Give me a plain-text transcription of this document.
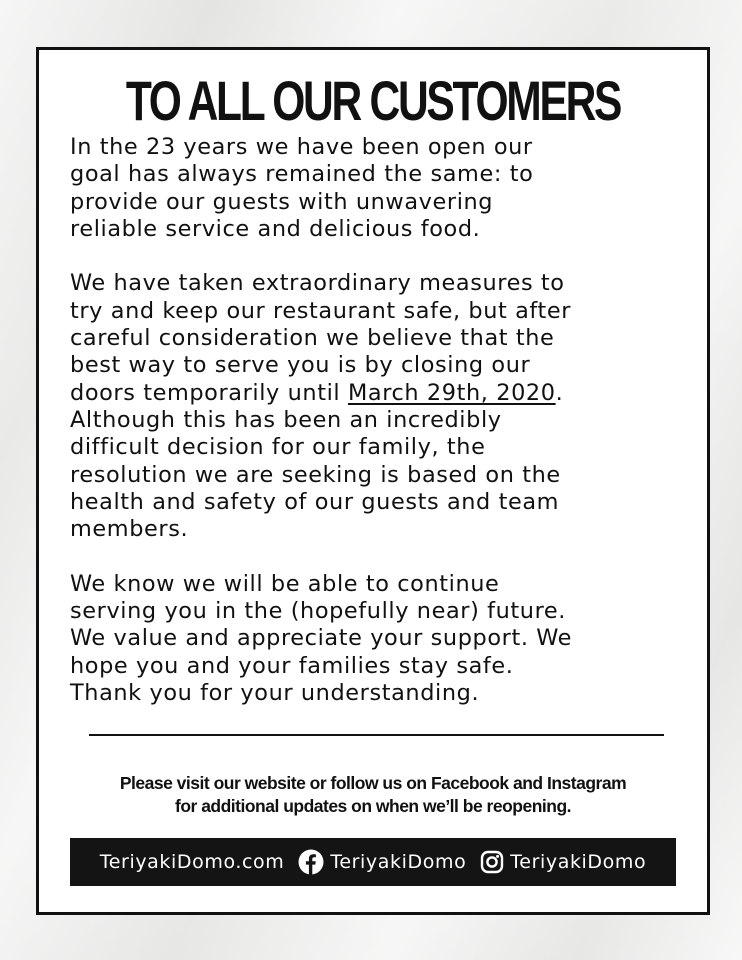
TO ALL OUR CUSTOMERS

In the 23 years we have been open our
goal has always remained the same: to
provide our guests with unwavering
reliable service and delicious food.

We have taken extraordinary measures to
try and keep our restaurant safe, but after
careful consideration we believe that the
best way to serve you is by closing our
doors temporarily until March 29th, 2020.
Although this has been an incredibly
difficult decision for our family, the
resolution we are seeking is based on the
health and safety of our guests and team
members.

We know we will be able to continue
serving you in the (hopefully near) future.
We value and appreciate your support. We
hope you and your families stay safe.
Thank you for your understanding.

Please visit our website or follow us on Facebook and Instagram
for additional updates on when we’ll be reopening.
TeriyakiDomo.com TeriyakiDomo TeriyakiDomo
